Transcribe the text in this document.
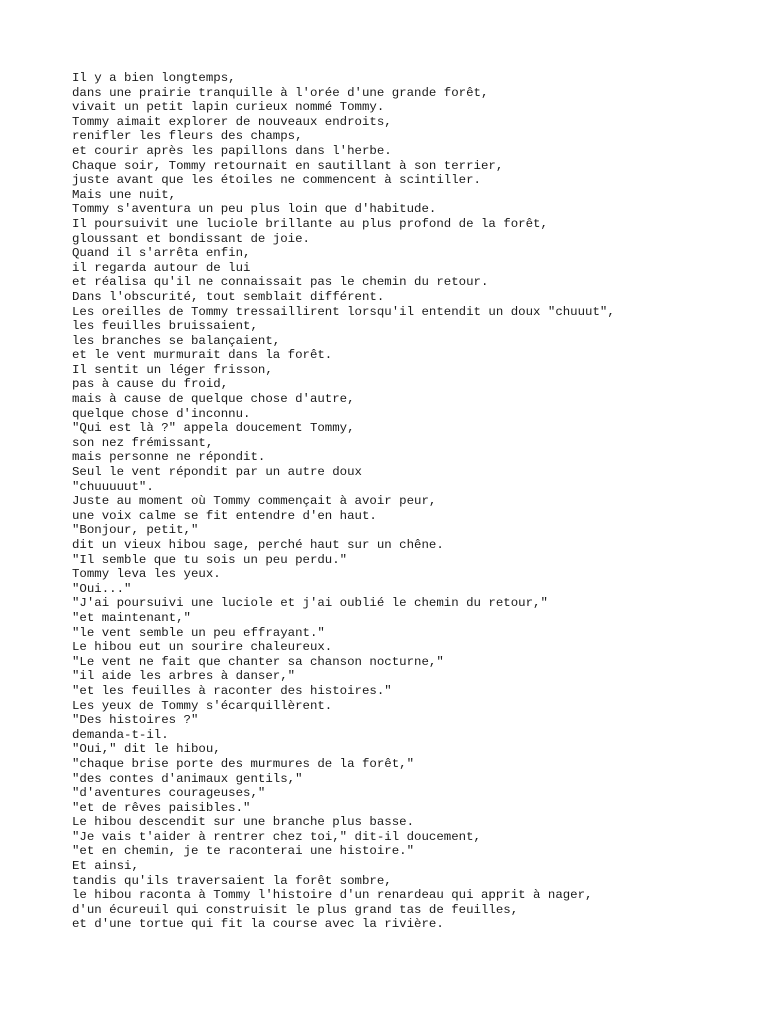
Il y a bien longtemps,
dans une prairie tranquille à l'orée d'une grande forêt,
vivait un petit lapin curieux nommé Tommy.
Tommy aimait explorer de nouveaux endroits,
renifler les fleurs des champs,
et courir après les papillons dans l'herbe.
Chaque soir, Tommy retournait en sautillant à son terrier,
juste avant que les étoiles ne commencent à scintiller.
Mais une nuit,
Tommy s'aventura un peu plus loin que d'habitude.
Il poursuivit une luciole brillante au plus profond de la forêt,
gloussant et bondissant de joie.
Quand il s'arrêta enfin,
il regarda autour de lui
et réalisa qu'il ne connaissait pas le chemin du retour.
Dans l'obscurité, tout semblait différent.
Les oreilles de Tommy tressaillirent lorsqu'il entendit un doux "chuuut",
les feuilles bruissaient,
les branches se balançaient,
et le vent murmurait dans la forêt.
Il sentit un léger frisson,
pas à cause du froid,
mais à cause de quelque chose d'autre,
quelque chose d'inconnu.
"Qui est là ?" appela doucement Tommy,
son nez frémissant,
mais personne ne répondit.
Seul le vent répondit par un autre doux
"chuuuuut".
Juste au moment où Tommy commençait à avoir peur,
une voix calme se fit entendre d'en haut.
"Bonjour, petit,"
dit un vieux hibou sage, perché haut sur un chêne.
"Il semble que tu sois un peu perdu."
Tommy leva les yeux.
"Oui..."
"J'ai poursuivi une luciole et j'ai oublié le chemin du retour,"
"et maintenant,"
"le vent semble un peu effrayant."
Le hibou eut un sourire chaleureux.
"Le vent ne fait que chanter sa chanson nocturne,"
"il aide les arbres à danser,"
"et les feuilles à raconter des histoires."
Les yeux de Tommy s'écarquillèrent.
"Des histoires ?"
demanda-t-il.
"Oui," dit le hibou,
"chaque brise porte des murmures de la forêt,"
"des contes d'animaux gentils,"
"d'aventures courageuses,"
"et de rêves paisibles."
Le hibou descendit sur une branche plus basse.
"Je vais t'aider à rentrer chez toi," dit-il doucement,
"et en chemin, je te raconterai une histoire."
Et ainsi,
tandis qu'ils traversaient la forêt sombre,
le hibou raconta à Tommy l'histoire d'un renardeau qui apprit à nager,
d'un écureuil qui construisit le plus grand tas de feuilles,
et d'une tortue qui fit la course avec la rivière.
